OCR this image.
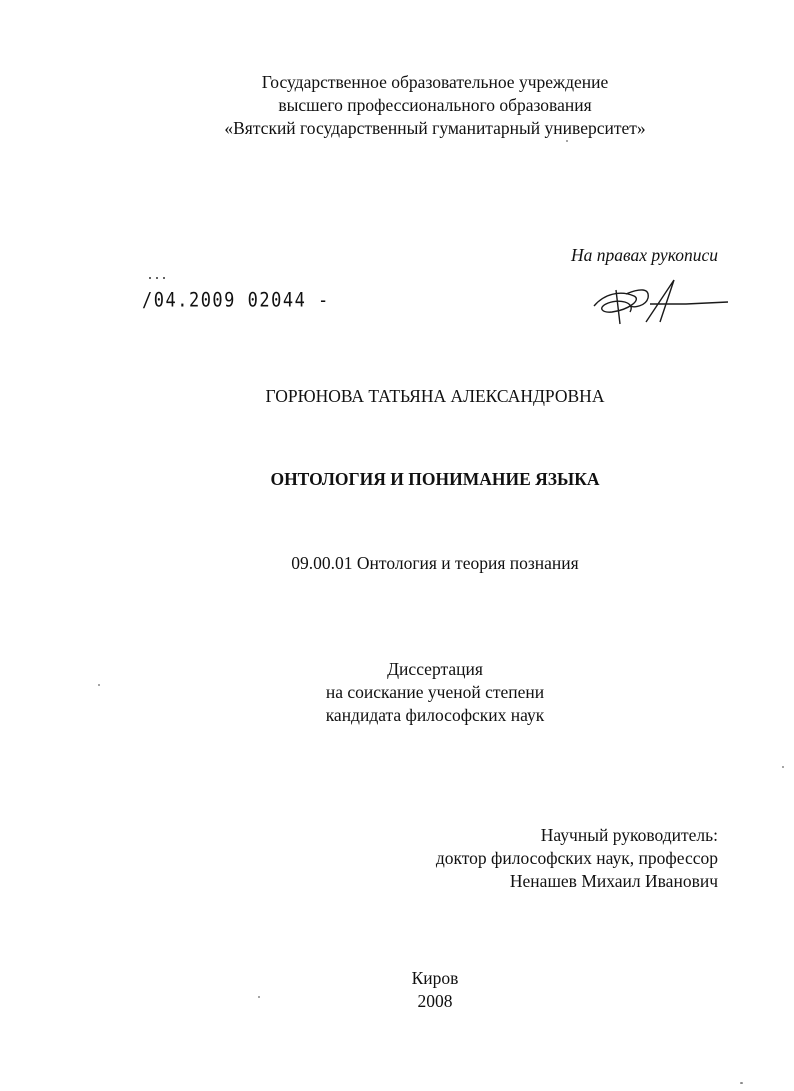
Государственное образовательное учреждение
высшего профессионального образования
«Вятский государственный гуманитарный университет»
На правах рукописи
/04.2009 02044 -
ГОРЮНОВА ТАТЬЯНА АЛЕКСАНДРОВНА
ОНТОЛОГИЯ И ПОНИМАНИЕ ЯЗЫКА
09.00.01 Онтология и теория познания
Диссертация
на соискание ученой степени
кандидата философских наук
Научный руководитель:
доктор философских наук, профессор
Ненашев Михаил Иванович
Киров
2008
